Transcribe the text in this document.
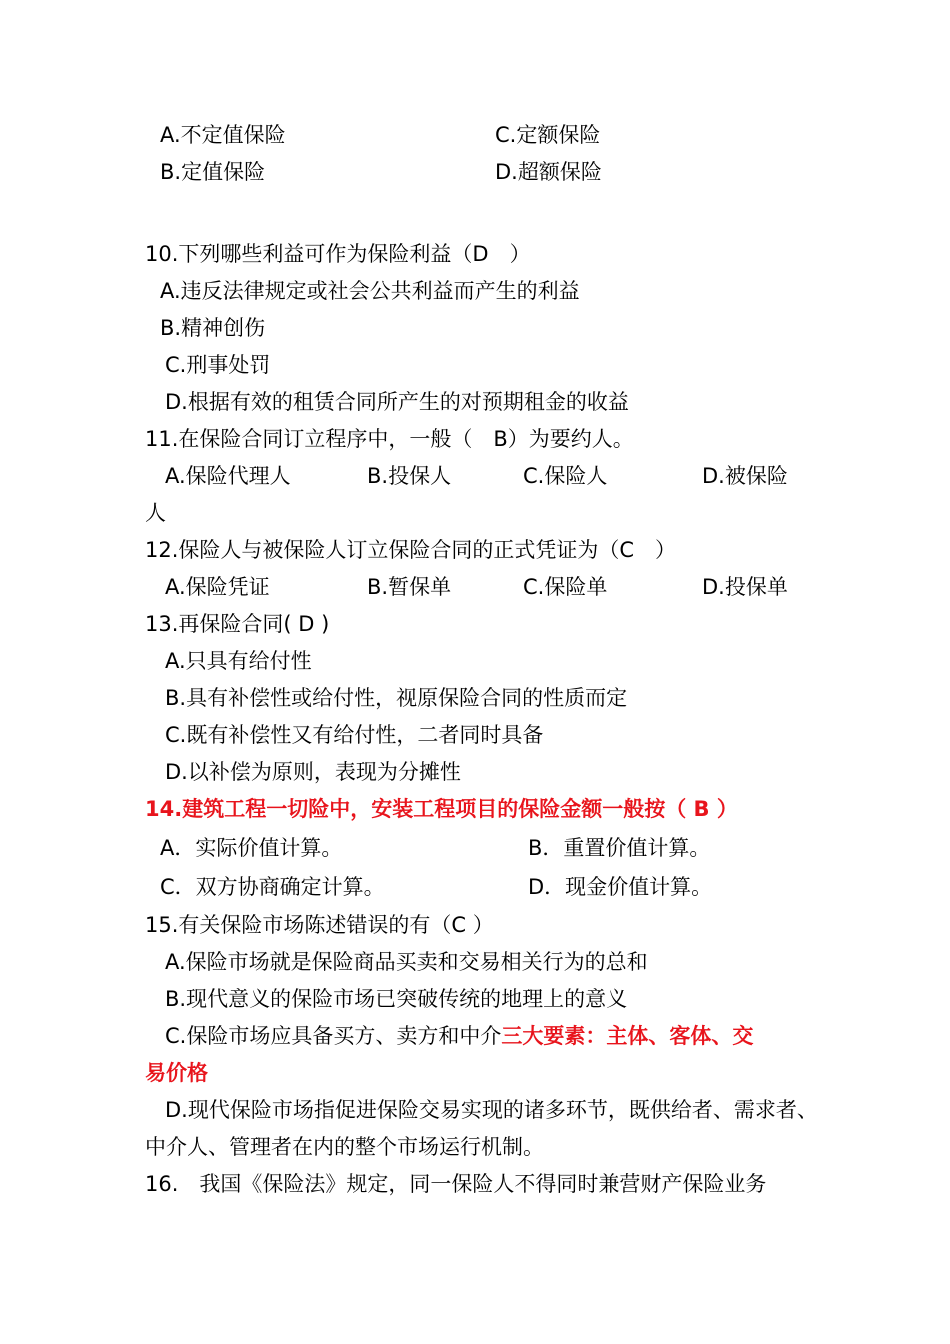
A.不定值保险	C.定额保险
B.定值保险	D.超额保险
10.下列哪些利益可作为保险利益（D　）
A.违反法律规定或社会公共利益而产生的利益
B.精神创伤
C.刑事处罚
D.根据有效的租赁合同所产生的对预期租金的收益
11.在保险合同订立程序中，一般（　B）为要约人。
A.保险代理人	B.投保人	C.保险人	D.被保险
人
12.保险人与被保险人订立保险合同的正式凭证为（C　）
A.保险凭证	B.暂保单	C.保险单	D.投保单
13.再保险合同( D )
A.只具有给付性
B.具有补偿性或给付性，视原保险合同的性质而定
C.既有补偿性又有给付性，二者同时具备
D.以补偿为原则，表现为分摊性
14.建筑工程一切险中，安装工程项目的保险金额一般按（ B ）
A．实际价值计算。	B．重置价值计算。
C．双方协商确定计算。	D．现金价值计算。
15.有关保险市场陈述错误的有（C ）
A.保险市场就是保险商品买卖和交易相关行为的总和
B.现代意义的保险市场已突破传统的地理上的意义
C.保险市场应具备买方、卖方和中介三大要素：主体、客体、交
易价格
D.现代保险市场指促进保险交易实现的诸多环节，既供给者、需求者、
中介人、管理者在内的整个市场运行机制。
16.　我国《保险法》规定，同一保险人不得同时兼营财产保险业务
